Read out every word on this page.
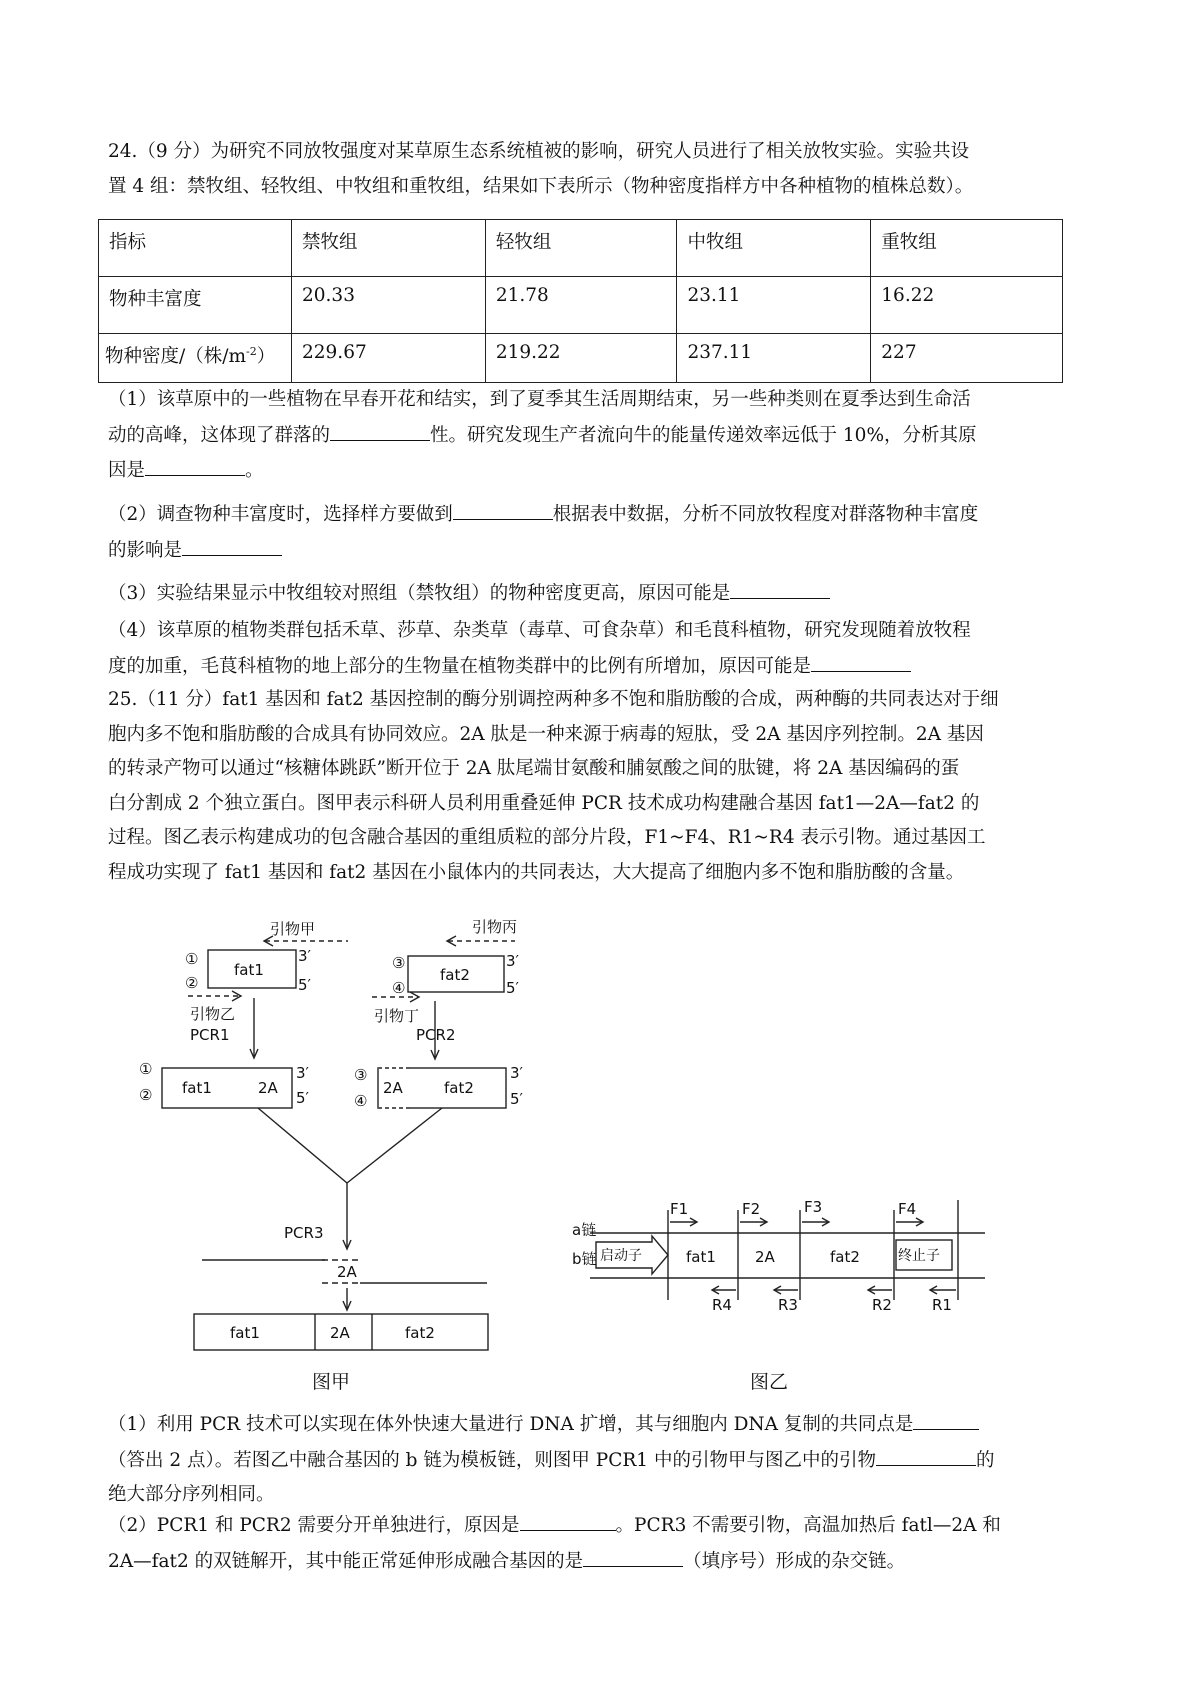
24.（9 分）为研究不同放牧强度对某草原生态系统植被的影响，研究人员进行了相关放牧实验。实验共设
置 4 组：禁牧组、轻牧组、中牧组和重牧组，结果如下表所示（物种密度指样方中各种植物的植株总数）。

指标	禁牧组	轻牧组	中牧组	重牧组
物种丰富度	20.33	21.78	23.11	16.22
物种密度/（株$/m^{-2}$）	229.67	219.22	237.11	227

（1）该草原中的一些植物在早春开花和结实，到了夏季其生活周期结束，另一些种类则在夏季达到生命活
动的高峰，这体现了群落的	性。研究发现生产者流向牛的能量传递效率远低于 10%，分析其原
因是	。

（2）调查物种丰富度时，选择样方要做到	根据表中数据，分析不同放牧程度对群落物种丰富度
的影响是

（3）实验结果显示中牧组较对照组（禁牧组）的物种密度更高，原因可能是

（4）该草原的植物类群包括禾草、莎草、杂类草（毒草、可食杂草）和毛茛科植物，研究发现随着放牧程
度的加重，毛茛科植物的地上部分的生物量在植物类群中的比例有所增加，原因可能是

25.（11 分）fat1 基因和 fat2 基因控制的酶分别调控两种多不饱和脂肪酸的合成，两种酶的共同表达对于细
胞内多不饱和脂肪酸的合成具有协同效应。2A 肽是一种来源于病毒的短肽，受 2A 基因序列控制。2A 基因
的转录产物可以通过“核糖体跳跃”断开位于 2A 肽尾端甘氨酸和脯氨酸之间的肽键，将 2A 基因编码的蛋
白分割成 2 个独立蛋白。图甲表示科研人员利用重叠延伸 PCR 技术成功构建融合基因 fat1—2A—fat2 的
过程。图乙表示构建成功的包含融合基因的重组质粒的部分片段，F1~F4、R1~R4 表示引物。通过基因工
程成功实现了 fat1 基因和 fat2 基因在小鼠体内的共同表达，大大提高了细胞内多不饱和脂肪酸的含量。

引物甲	引物丙
①
②
fat1
3′
5′
引物乙
PCR1
③
④
fat2
3′
5′
引物丁
PCR2
①
② fat1	2A
3′
5′
③
④
2A	fat2
3′
5′
PCR3
2A
fat1	2A	fat2
a链
b链 启动子	fat1	2A	fat2	终止子
F1	F2	F3	F4
R4	R3	R2	R1
图甲	图乙

（1）利用 PCR 技术可以实现在体外快速大量进行 DNA 扩增，其与细胞内 DNA 复制的共同点是
（答出 2 点）。若图乙中融合基因的 b 链为模板链，则图甲 PCR1 中的引物甲与图乙中的引物	的
绝大部分序列相同。

（2）PCR1 和 PCR2 需要分开单独进行，原因是	。PCR3 不需要引物，高温加热后 fatl—2A 和
2A—fat2 的双链解开，其中能正常延伸形成融合基因的是	（填序号）形成的杂交链。
